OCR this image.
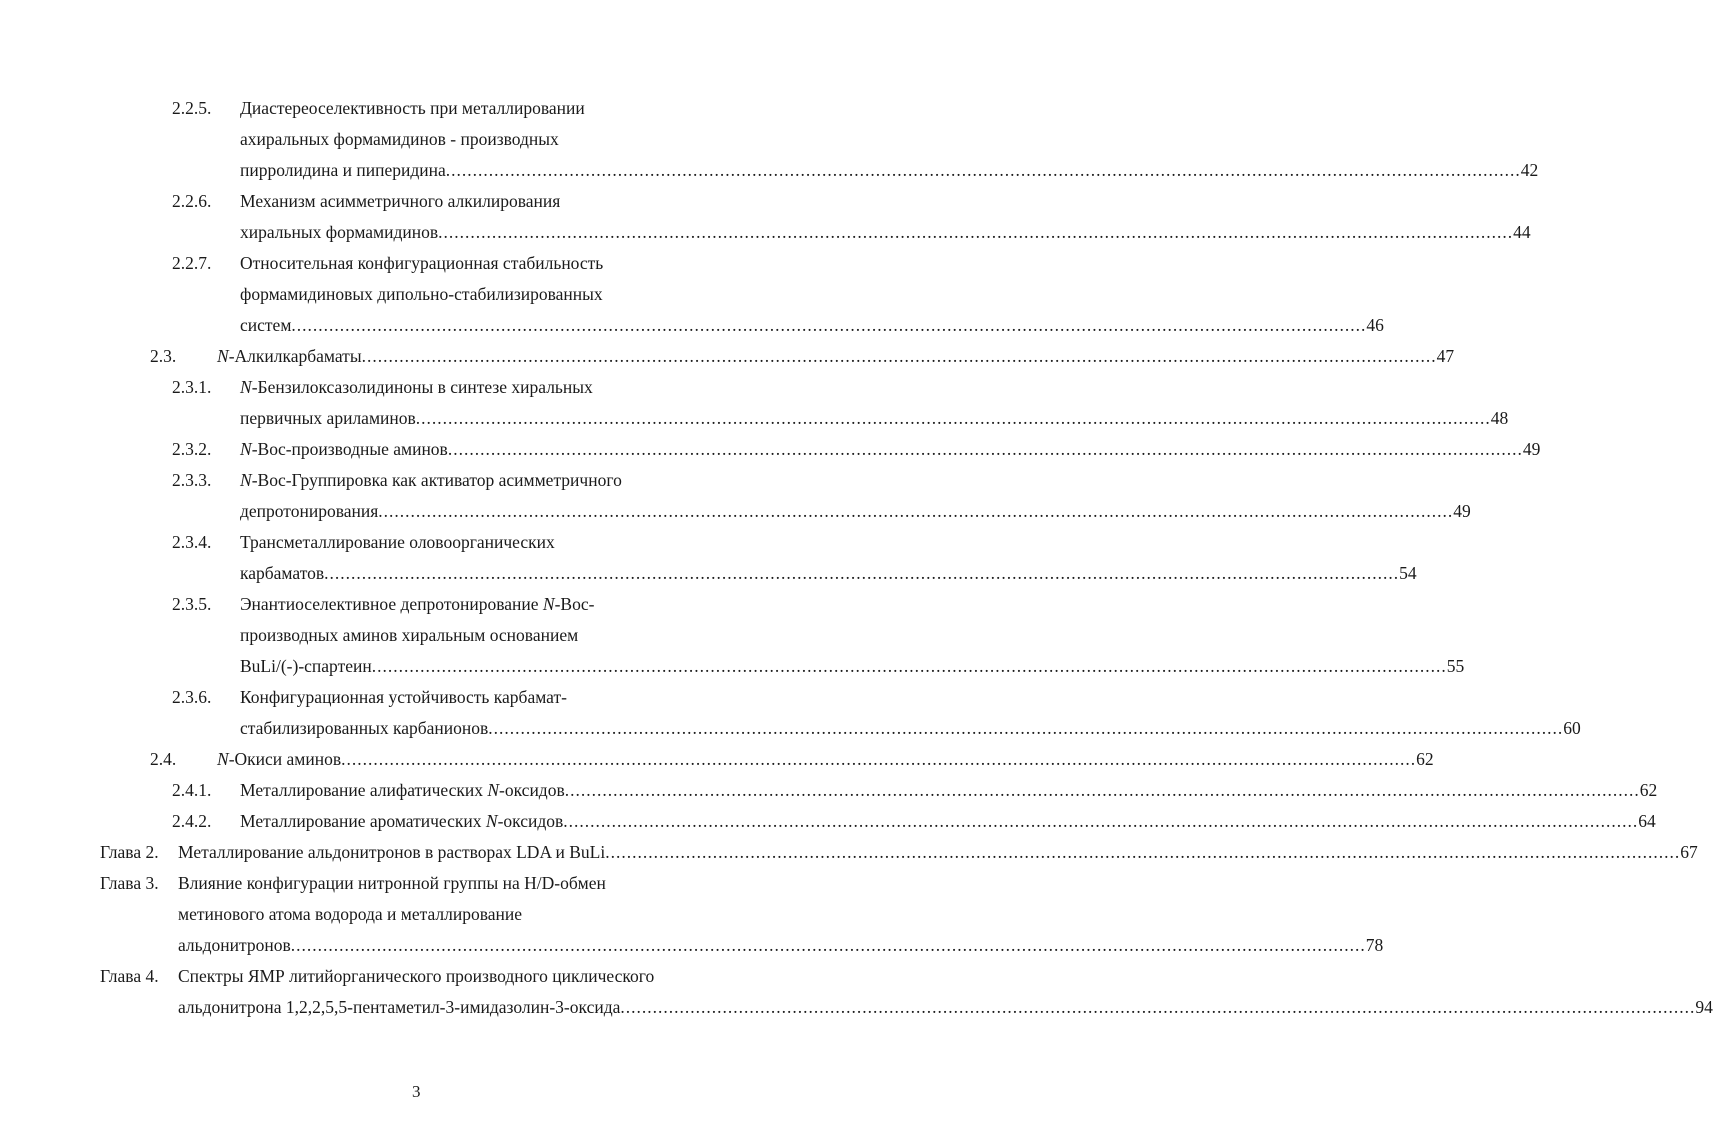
2.2.5. Диастереоселективность при металлировании
ахиральных формамидинов - производных
пирролидина и пиперидина ........................................................................................................................................................................................................ 42
2.2.6. Механизм асимметричного алкилирования
хиральных формамидинов ........................................................................................................................................................................................................ 44
2.2.7. Относительная конфигурационная стабильность
формамидиновых дипольно-стабилизированных
систем ........................................................................................................................................................................................................ 46
2.3. N-Алкилкарбаматы ........................................................................................................................................................................................................ 47
2.3.1. N-Бензилоксазолидиноны в синтезе хиральных
первичных ариламинов ........................................................................................................................................................................................................ 48
2.3.2. N-Boc-производные аминов ........................................................................................................................................................................................................ 49
2.3.3. N-Boc-Группировка как активатор асимметричного
депротонирования ........................................................................................................................................................................................................ 49
2.3.4. Трансметаллирование оловоорганических
карбаматов ........................................................................................................................................................................................................ 54
2.3.5. Энантиоселективное депротонирование N-Boc-
производных аминов хиральным основанием
BuLi/(-)-спартеин ........................................................................................................................................................................................................ 55
2.3.6. Конфигурационная устойчивость карбамат-
стабилизированных карбанионов ........................................................................................................................................................................................................ 60
2.4. N-Окиси аминов ........................................................................................................................................................................................................ 62
2.4.1. Металлирование алифатических N-оксидов ........................................................................................................................................................................................................ 62
2.4.2. Металлирование ароматических N-оксидов ........................................................................................................................................................................................................ 64
Глава 2. Металлирование альдонитронов в растворах LDA и BuLi ........................................................................................................................................................................................................ 67
Глава 3. Влияние конфигурации нитронной группы на H/D-обмен
метинового атома водорода и металлирование
альдонитронов ........................................................................................................................................................................................................ 78
Глава 4. Спектры ЯМР литийорганического производного циклического
альдонитрона 1,2,2,5,5-пентаметил-3-имидазолин-3-оксида ........................................................................................................................................................................................................ 94
3
